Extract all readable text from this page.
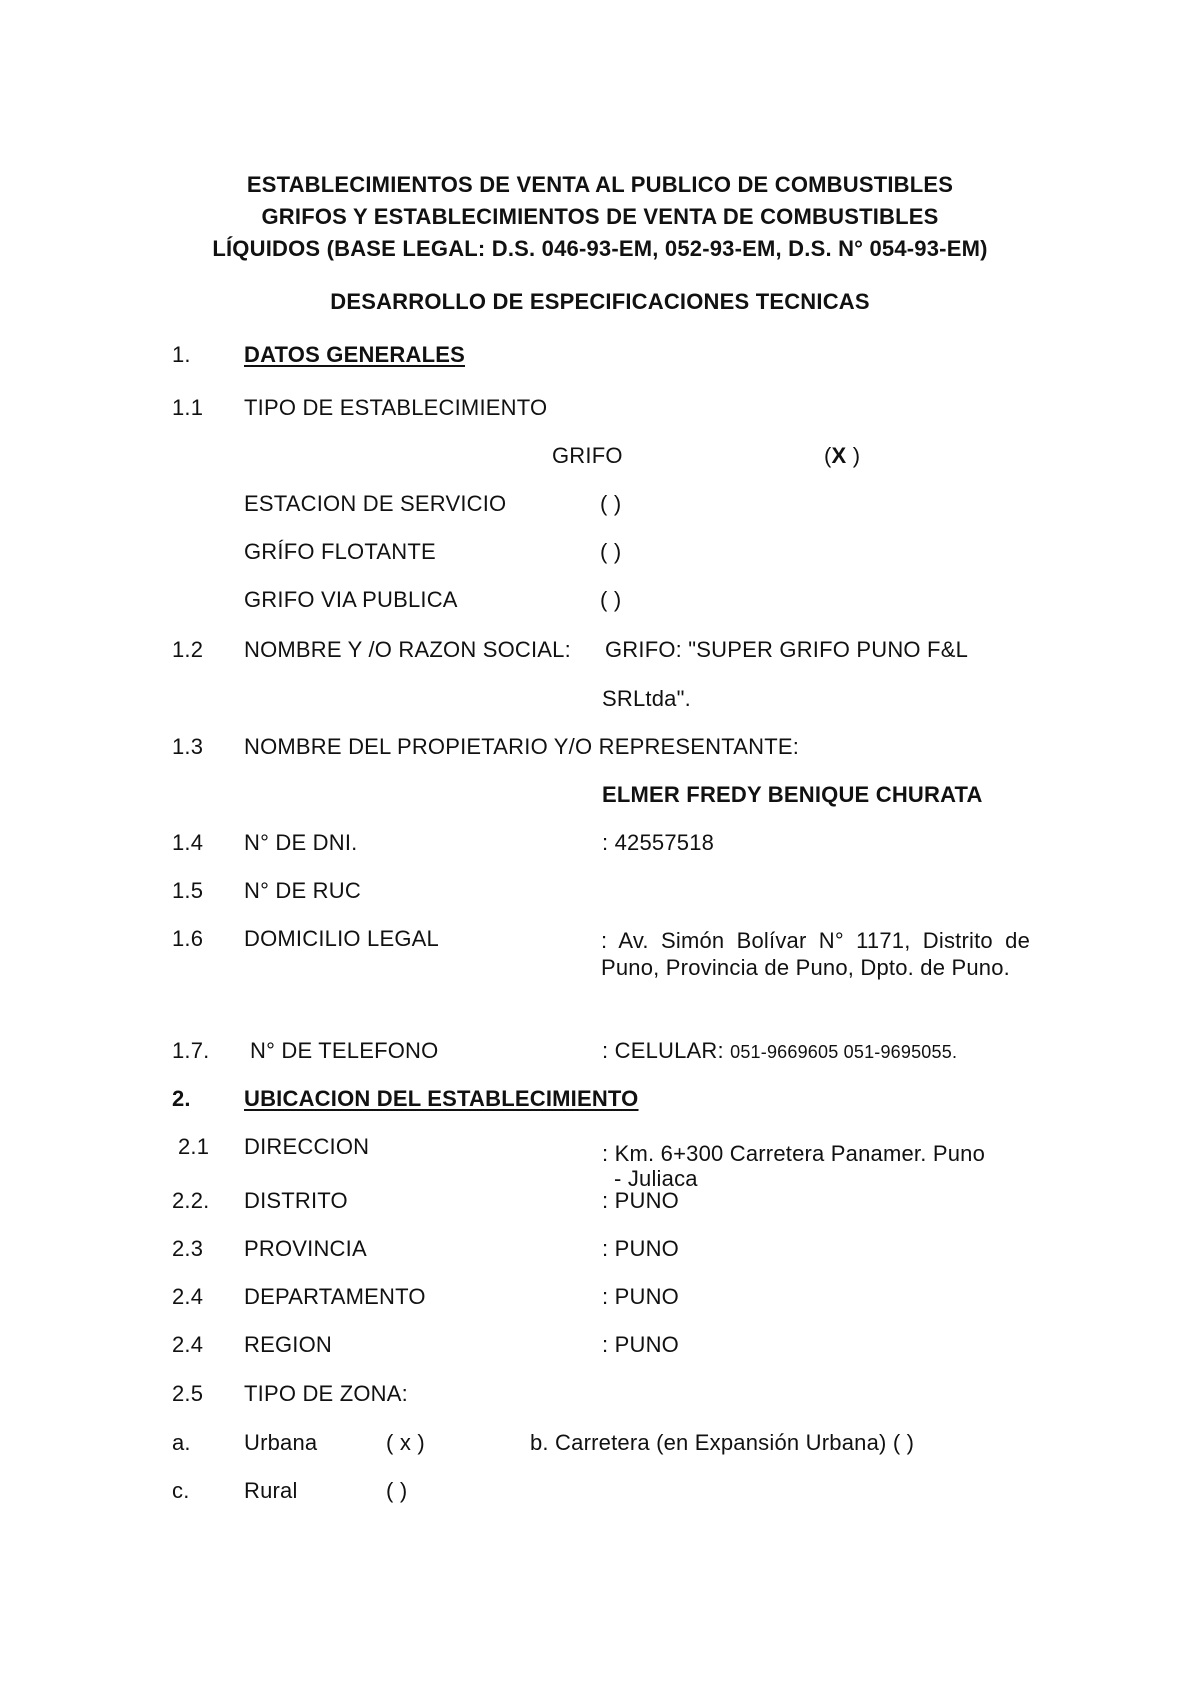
ESTABLECIMIENTOS DE VENTA AL PUBLICO DE COMBUSTIBLES
GRIFOS Y ESTABLECIMIENTOS DE VENTA DE COMBUSTIBLES
LÍQUIDOS (BASE LEGAL: D.S. 046-93-EM, 052-93-EM, D.S. N° 054-93-EM)
DESARROLLO DE ESPECIFICACIONES TECNICAS
1. DATOS GENERALES
1.1 TIPO DE ESTABLECIMIENTO
GRIFO	(X )
ESTACION DE SERVICIO	( )
GRÍFO FLOTANTE	( )
GRIFO VIA PUBLICA	( )
1.2 NOMBRE Y /O RAZON SOCIAL: GRIFO: "SUPER GRIFO PUNO F&L
SRLtda".
1.3 NOMBRE DEL PROPIETARIO Y/O REPRESENTANTE:
ELMER FREDY BENIQUE CHURATA
1.4 N° DE DNI.	: 42557518
1.5 N° DE RUC
1.6 DOMICILIO LEGAL	: Av. Simón Bolívar N° 1171, Distrito de Puno, Provincia de Puno, Dpto. de Puno.
1.7. N° DE TELEFONO	: CELULAR: 051-9669605 051-9695055.
2. UBICACION DEL ESTABLECIMIENTO
2.1 DIRECCION	: Km. 6+300 Carretera Panamer. Puno
- Juliaca
2.2. DISTRITO	: PUNO
2.3 PROVINCIA	: PUNO
2.4 DEPARTAMENTO	: PUNO
2.4 REGION	: PUNO
2.5 TIPO DE ZONA:
a. Urbana	( x )	b. Carretera (en Expansión Urbana) ( )
c. Rural	( )
